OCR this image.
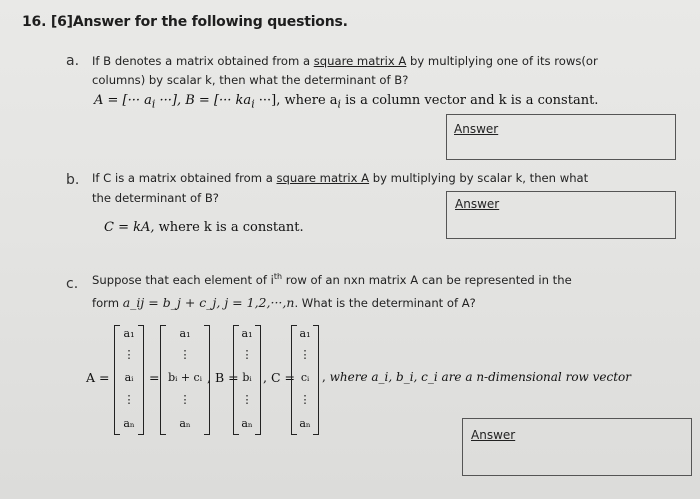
16. [6]Answer for the following questions.
a. If B denotes a matrix obtained from a square matrix A by multiplying one of its rows(or
columns) by scalar k, then what the determinant of B?
A = [··· $a_i$ ···], B = [··· $ka_i$ ···], where $a_i$ is a column vector and k is a constant.
Answer
b. If C is a matrix obtained from a square matrix A by multiplying by scalar k, then what
the determinant of B?
C = kA, where k is a constant.
Answer
c. Suppose that each element of $i^{th}$ row of an nxn matrix A can be represented in the
form a_ij = b_j + c_j, j = 1,2,···,n. What is the determinant of A?
A =
a₁
⋮
aᵢ
⋮
aₙ
=
a₁
⋮
bᵢ + cᵢ
⋮
aₙ
, B =
a₁
⋮
bᵢ
⋮
aₙ
, C =
a₁
⋮
cᵢ
⋮
aₙ
, where a_i, b_i, c_i are a n-dimensional row vector
Answer
